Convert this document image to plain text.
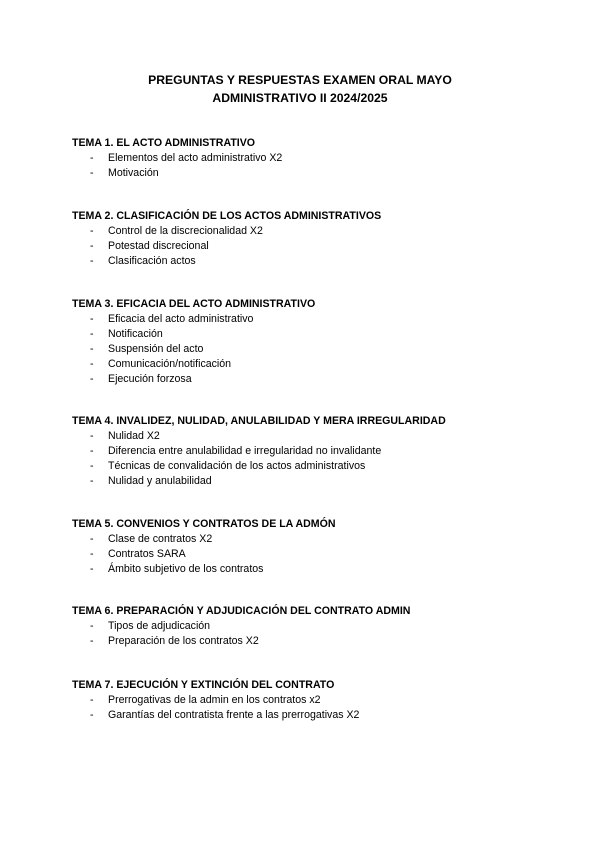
PREGUNTAS Y RESPUESTAS EXAMEN ORAL MAYO
ADMINISTRATIVO II 2024/2025
TEMA 1. EL ACTO ADMINISTRATIVO
- Elementos del acto administrativo X2
- Motivación
TEMA 2. CLASIFICACIÓN DE LOS ACTOS ADMINISTRATIVOS
- Control de la discrecionalidad X2
- Potestad discrecional
- Clasificación actos
TEMA 3. EFICACIA DEL ACTO ADMINISTRATIVO
- Eficacia del acto administrativo
- Notificación
- Suspensión del acto
- Comunicación/notificación
- Ejecución forzosa
TEMA 4. INVALIDEZ, NULIDAD, ANULABILIDAD Y MERA IRREGULARIDAD
- Nulidad X2
- Diferencia entre anulabilidad e irregularidad no invalidante
- Técnicas de convalidación de los actos administrativos
- Nulidad y anulabilidad
TEMA 5. CONVENIOS Y CONTRATOS DE LA ADMÓN
- Clase de contratos X2
- Contratos SARA
- Ámbito subjetivo de los contratos
TEMA 6. PREPARACIÓN Y ADJUDICACIÓN DEL CONTRATO ADMIN
- Tipos de adjudicación
- Preparación de los contratos X2
TEMA 7. EJECUCIÓN Y EXTINCIÓN DEL CONTRATO
- Prerrogativas de la admin en los contratos x2
- Garantías del contratista frente a las prerrogativas X2
